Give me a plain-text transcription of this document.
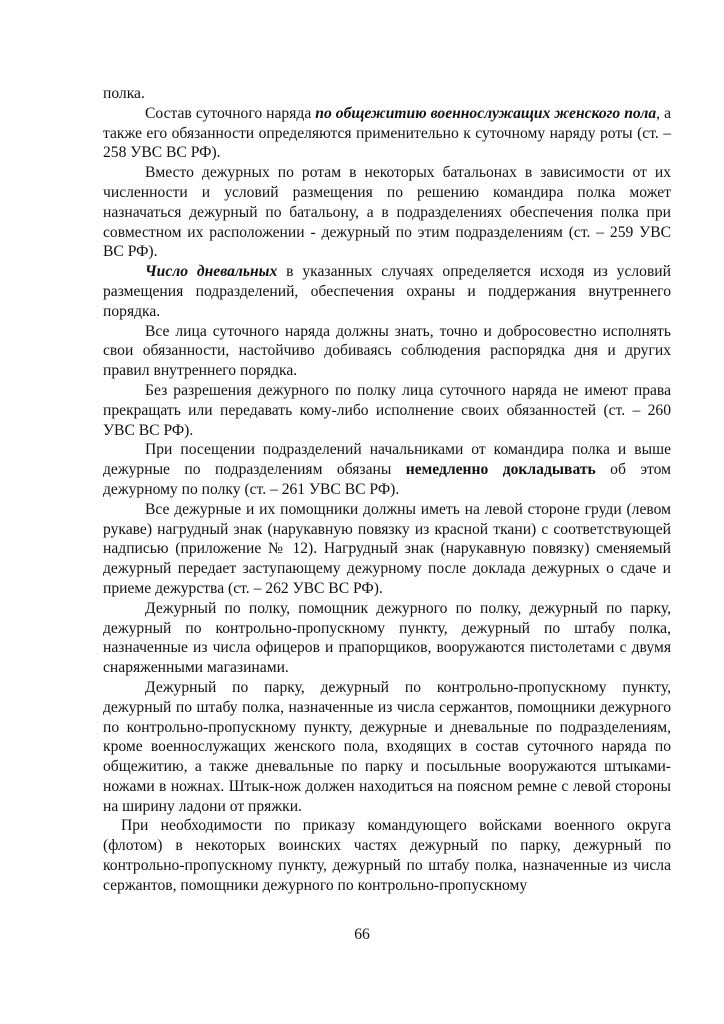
полка.

Состав суточного наряда по общежитию военнослужащих женского пола, а также его обязанности определяются применительно к суточному наряду роты (ст. – 258 УВС ВС РФ).

Вместо дежурных по ротам в некоторых батальонах в зависимости от их численности и условий размещения по решению командира полка может назначаться дежурный по батальону, а в подразделениях обеспечения полка при совместном их расположении - дежурный по этим подразделениям (ст. – 259 УВС ВС РФ).

Число дневальных в указанных случаях определяется исходя из условий размещения подразделений, обеспечения охраны и поддержания внутреннего порядка.

Все лица суточного наряда должны знать, точно и добросовестно исполнять свои обязанности, настойчиво добиваясь соблюдения распорядка дня и других правил внутреннего порядка.

Без разрешения дежурного по полку лица суточного наряда не имеют права прекращать или передавать кому-либо исполнение своих обязанностей (ст. – 260 УВС ВС РФ).

При посещении подразделений начальниками от командира полка и выше дежурные по подразделениям обязаны немедленно докладывать об этом дежурному по полку (ст. – 261 УВС ВС РФ).

Все дежурные и их помощники должны иметь на левой стороне груди (левом рукаве) нагрудный знак (нарукавную повязку из красной ткани) с соответствующей надписью (приложение № 12). Нагрудный знак (нарукавную повязку) сменяемый дежурный передает заступающему дежурному после доклада дежурных о сдаче и приеме дежурства (ст. – 262 УВС ВС РФ).

Дежурный по полку, помощник дежурного по полку, дежурный по парку, дежурный по контрольно-пропускному пункту, дежурный по штабу полка, назначенные из числа офицеров и прапорщиков, вооружаются пистолетами с двумя снаряженными магазинами.

Дежурный по парку, дежурный по контрольно-пропускному пункту, дежурный по штабу полка, назначенные из числа сержантов, помощники дежурного по контрольно-пропускному пункту, дежурные и дневальные по подразделениям, кроме военнослужащих женского пола, входящих в состав суточного наряда по общежитию, а также дневальные по парку и посыльные вооружаются штыками-ножами в ножнах. Штык-нож должен находиться на поясном ремне с левой стороны на ширину ладони от пряжки.

При необходимости по приказу командующего войсками военного округа (флотом) в некоторых воинских частях дежурный по парку, дежурный по контрольно-пропускному пункту, дежурный по штабу полка, назначенные из числа сержантов, помощники дежурного по контрольно-пропускному

66
